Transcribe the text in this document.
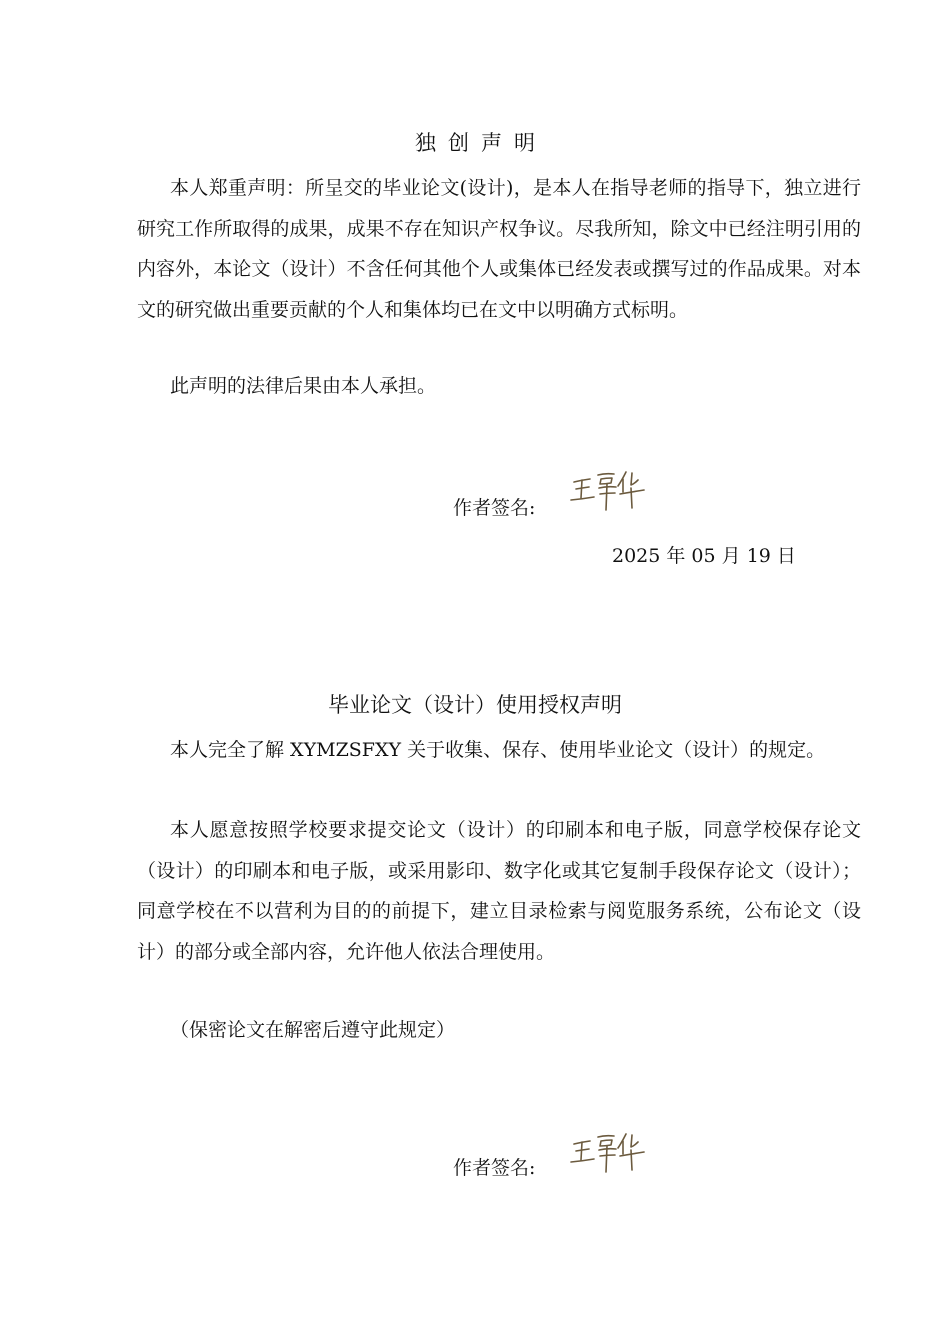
独创声明

本人郑重声明：所呈交的毕业论文(设计)，是本人在指导老师的指导下，独立进行研究工作所取得的成果，成果不存在知识产权争议。尽我所知，除文中已经注明引用的内容外，本论文（设计）不含任何其他个人或集体已经发表或撰写过的作品成果。对本文的研究做出重要贡献的个人和集体均已在文中以明确方式标明。

此声明的法律后果由本人承担。

作者签名:

2025 年 05 月 19 日

毕业论文（设计）使用授权声明

本人完全了解 XYMZSFXY 关于收集、保存、使用毕业论文（设计）的规定。

本人愿意按照学校要求提交论文（设计）的印刷本和电子版，同意学校保存论文（设计）的印刷本和电子版，或采用影印、数字化或其它复制手段保存论文（设计）；同意学校在不以营利为目的的前提下，建立目录检索与阅览服务系统，公布论文（设计）的部分或全部内容，允许他人依法合理使用。

（保密论文在解密后遵守此规定）

作者签名:
